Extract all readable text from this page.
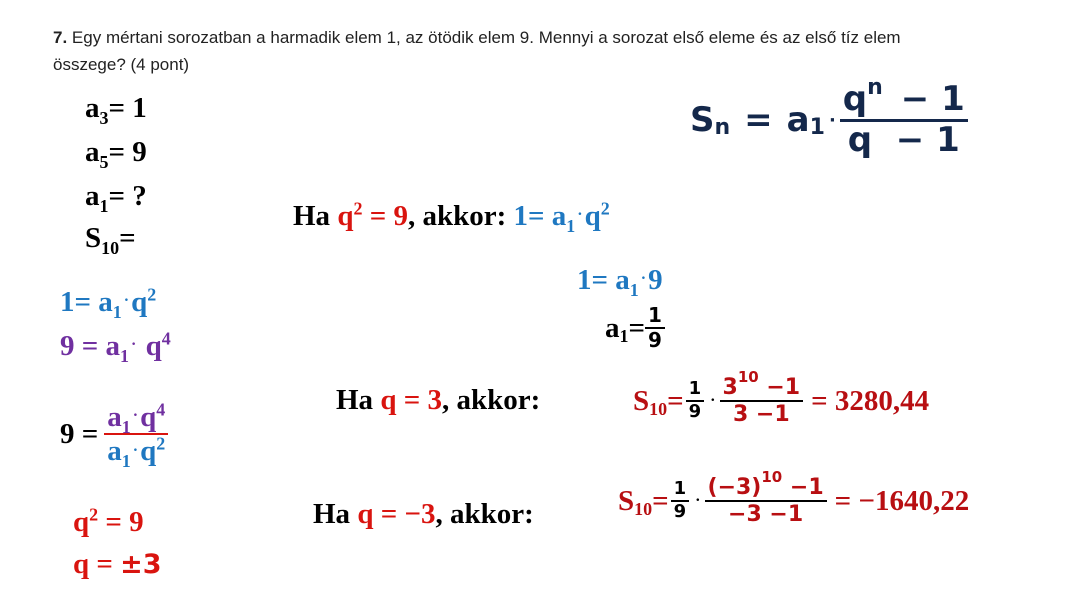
7. Egy mértani sorozatban a harmadik elem 1, az ötödik elem 9. Mennyi a sorozat első eleme és az első tíz elem
összege? (4 pont)
$a_3= 1$
$a_5= 9$
$a_1=$ ?
$S_{10}=$
$S_n = a_1 \cdot \frac{q^n - 1}{q - 1}$
Ha $q^2 = 9$, akkor: $1= a_1\cdot q^2$
$1= a_1\cdot 9$
$a_1 = \frac{1}{9}$
$1= a_1\cdot q^2$
$9 = a_1\cdot q^4$
$9 = \frac{a_1\cdot q^4}{a_1\cdot q^2}$
$q^2 = 9$
q = ±3
Ha q = 3, akkor:	$S_{10} = \frac{1}{9} \cdot \frac{3^{10} -1}{3 -1} = 3280,44$
Ha q = −3, akkor:	$S_{10} = \frac{1}{9} \cdot \frac{(-3)^{10} -1}{-3 -1} = -1640,22$
